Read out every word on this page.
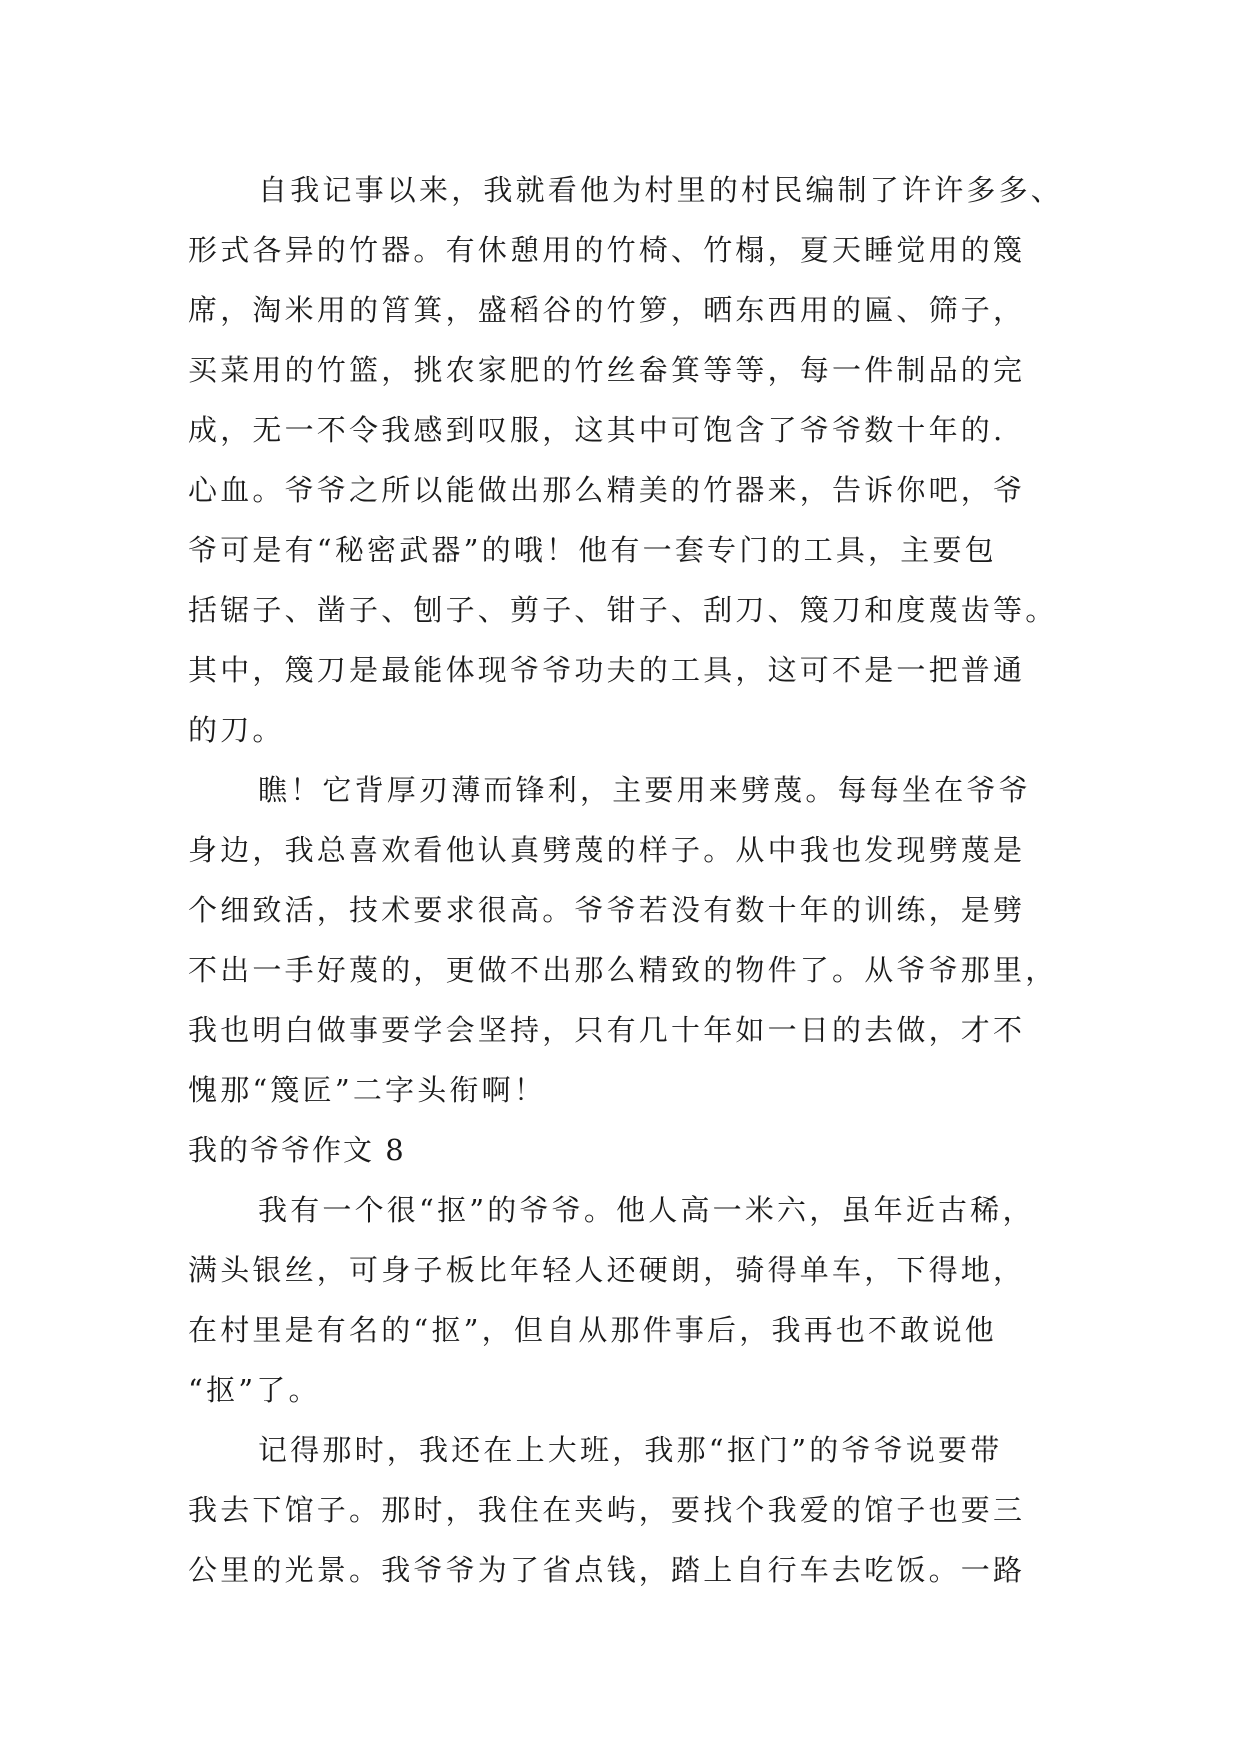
自我记事以来，我就看他为村里的村民编制了许许多多、
形式各异的竹器。有休憩用的竹椅、竹榻，夏天睡觉用的篾
席，淘米用的筲箕，盛稻谷的竹箩，晒东西用的匾、筛子，
买菜用的竹篮，挑农家肥的竹丝畚箕等等，每一件制品的完
成，无一不令我感到叹服，这其中可饱含了爷爷数十年的.
心血。爷爷之所以能做出那么精美的竹器来，告诉你吧，爷
爷可是有“秘密武器”的哦！他有一套专门的工具，主要包
括锯子、凿子、刨子、剪子、钳子、刮刀、篾刀和度蔑齿等。
其中，篾刀是最能体现爷爷功夫的工具，这可不是一把普通
的刀。
瞧！它背厚刃薄而锋利，主要用来劈蔑。每每坐在爷爷
身边，我总喜欢看他认真劈蔑的样子。从中我也发现劈蔑是
个细致活，技术要求很高。爷爷若没有数十年的训练，是劈
不出一手好蔑的，更做不出那么精致的物件了。从爷爷那里，
我也明白做事要学会坚持，只有几十年如一日的去做，才不
愧那“篾匠”二字头衔啊！
我的爷爷作文 8
我有一个很“抠”的爷爷。他人高一米六，虽年近古稀，
满头银丝，可身子板比年轻人还硬朗，骑得单车，下得地，
在村里是有名的“抠”，但自从那件事后，我再也不敢说他
“抠”了。
记得那时，我还在上大班，我那“抠门”的爷爷说要带
我去下馆子。那时，我住在夹屿，要找个我爱的馆子也要三
公里的光景。我爷爷为了省点钱，踏上自行车去吃饭。一路
